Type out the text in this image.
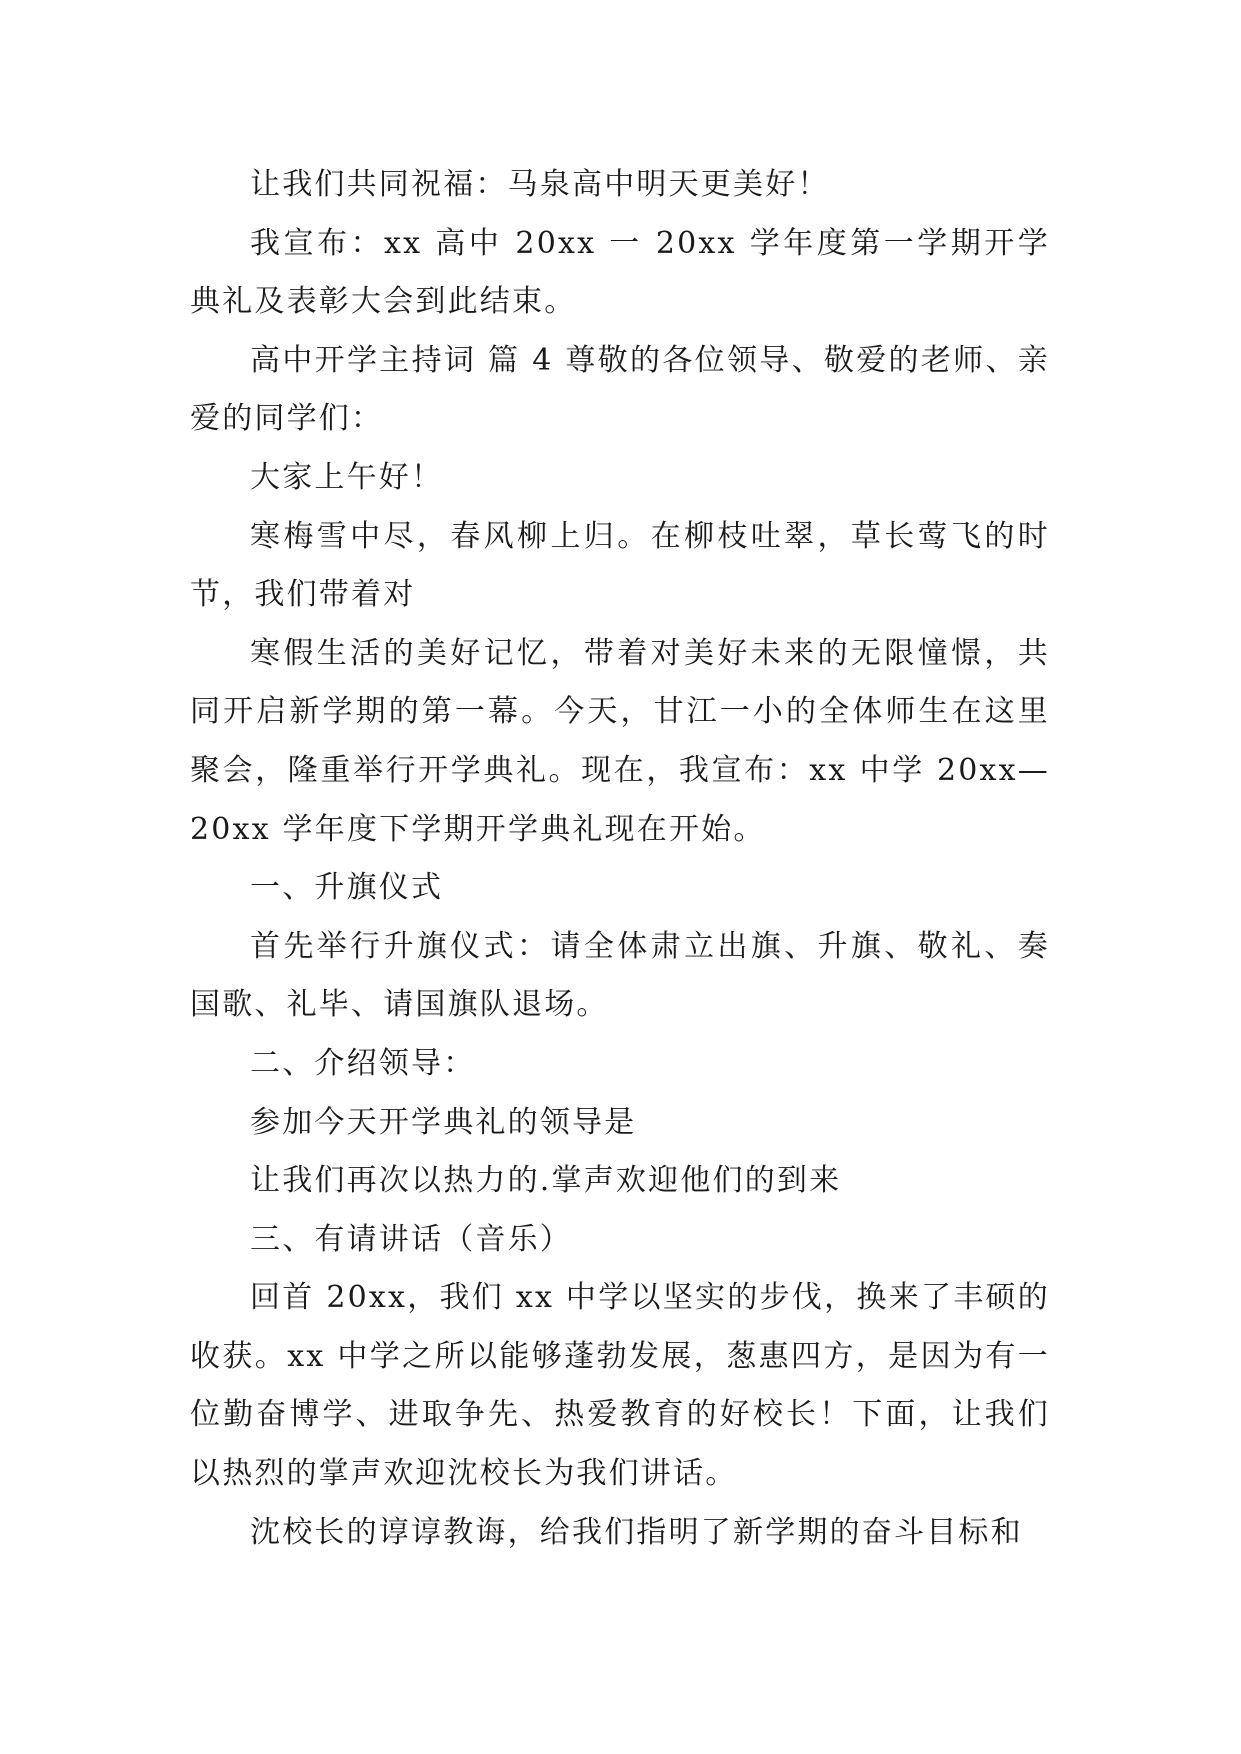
让我们共同祝福：马泉高中明天更美好！

我宣布：xx 高中 20xx 一 20xx 学年度第一学期开学典礼及表彰大会到此结束。

高中开学主持词 篇 4 尊敬的各位领导、敬爱的老师、亲爱的同学们：

大家上午好！

寒梅雪中尽，春风柳上归。在柳枝吐翠，草长莺飞的时节，我们带着对

寒假生活的美好记忆，带着对美好未来的无限憧憬，共同开启新学期的第一幕。今天，甘江一小的全体师生在这里聚会，隆重举行开学典礼。现在，我宣布：xx 中学 20xx—20xx 学年度下学期开学典礼现在开始。

一、升旗仪式

首先举行升旗仪式：请全体肃立出旗、升旗、敬礼、奏国歌、礼毕、请国旗队退场。

二、介绍领导：

参加今天开学典礼的领导是

让我们再次以热力的.掌声欢迎他们的到来

三、有请讲话（音乐）

回首 20xx，我们 xx 中学以坚实的步伐，换来了丰硕的收获。xx 中学之所以能够蓬勃发展，葱惠四方，是因为有一位勤奋博学、进取争先、热爱教育的好校长！下面，让我们以热烈的掌声欢迎沈校长为我们讲话。

沈校长的谆谆教诲，给我们指明了新学期的奋斗目标和
